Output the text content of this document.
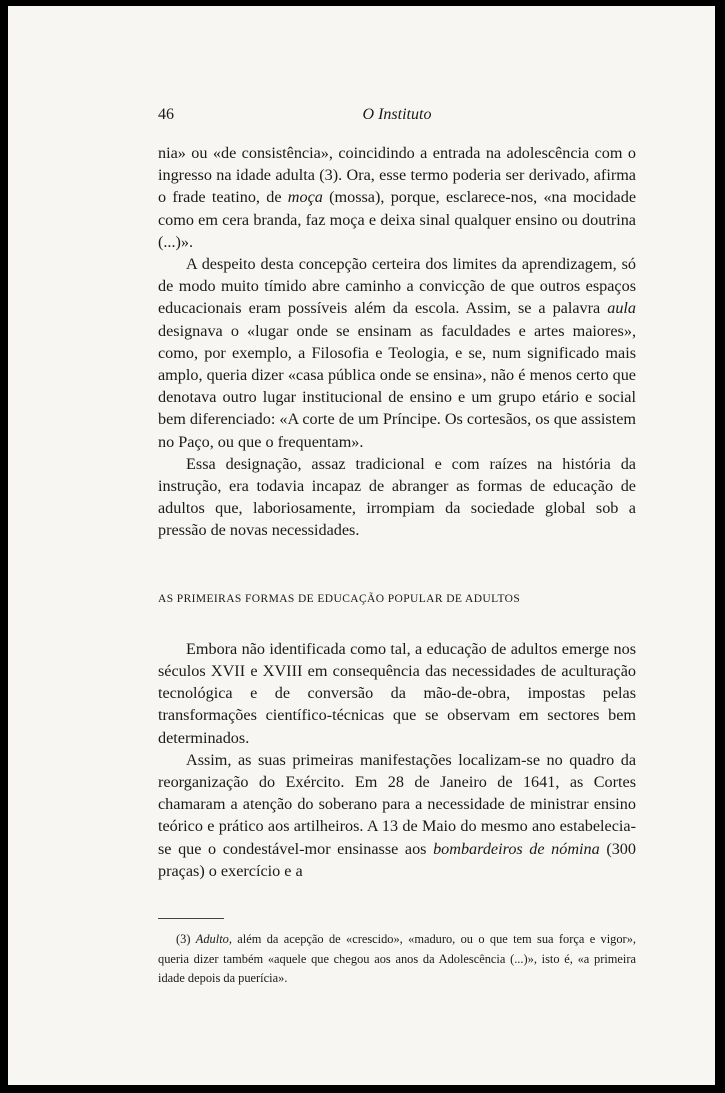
46	O Instituto

nia» ou «de consistência», coincidindo a entrada na adolescência com o ingresso na idade adulta (3). Ora, esse termo poderia ser derivado, afirma o frade teatino, de moça (mossa), porque, esclarece-nos, «na mocidade como em cera branda, faz moça e deixa sinal qualquer ensino ou doutrina (...)».

A despeito desta concepção certeira dos limites da aprendizagem, só de modo muito tímido abre caminho a convicção de que outros espaços educacionais eram possíveis além da escola. Assim, se a palavra aula designava o «lugar onde se ensinam as faculdades e artes maiores», como, por exemplo, a Filosofia e Teologia, e se, num significado mais amplo, queria dizer «casa pública onde se ensina», não é menos certo que denotava outro lugar institucional de ensino e um grupo etário e social bem diferenciado: «A corte de um Príncipe. Os cortesãos, os que assistem no Paço, ou que o frequentam».

Essa designação, assaz tradicional e com raízes na história da instrução, era todavia incapaz de abranger as formas de educação de adultos que, laboriosamente, irrompiam da sociedade global sob a pressão de novas necessidades.

AS PRIMEIRAS FORMAS DE EDUCAÇÃO POPULAR DE ADULTOS

Embora não identificada como tal, a educação de adultos emerge nos séculos XVII e XVIII em consequência das necessidades de aculturação tecnológica e de conversão da mão-de-obra, impostas pelas transformações científico-técnicas que se observam em sectores bem determinados.

Assim, as suas primeiras manifestações localizam-se no quadro da reorganização do Exército. Em 28 de Janeiro de 1641, as Cortes chamaram a atenção do soberano para a necessidade de ministrar ensino teórico e prático aos artilheiros. A 13 de Maio do mesmo ano estabelecia-se que o condestável-mor ensinasse aos bombardeiros de nómina (300 praças) o exercício e a

(3) Adulto, além da acepção de «crescido», «maduro, ou o que tem sua força e vigor», queria dizer também «aquele que chegou aos anos da Adolescência (...)», isto é, «a primeira idade depois da puerícia».
